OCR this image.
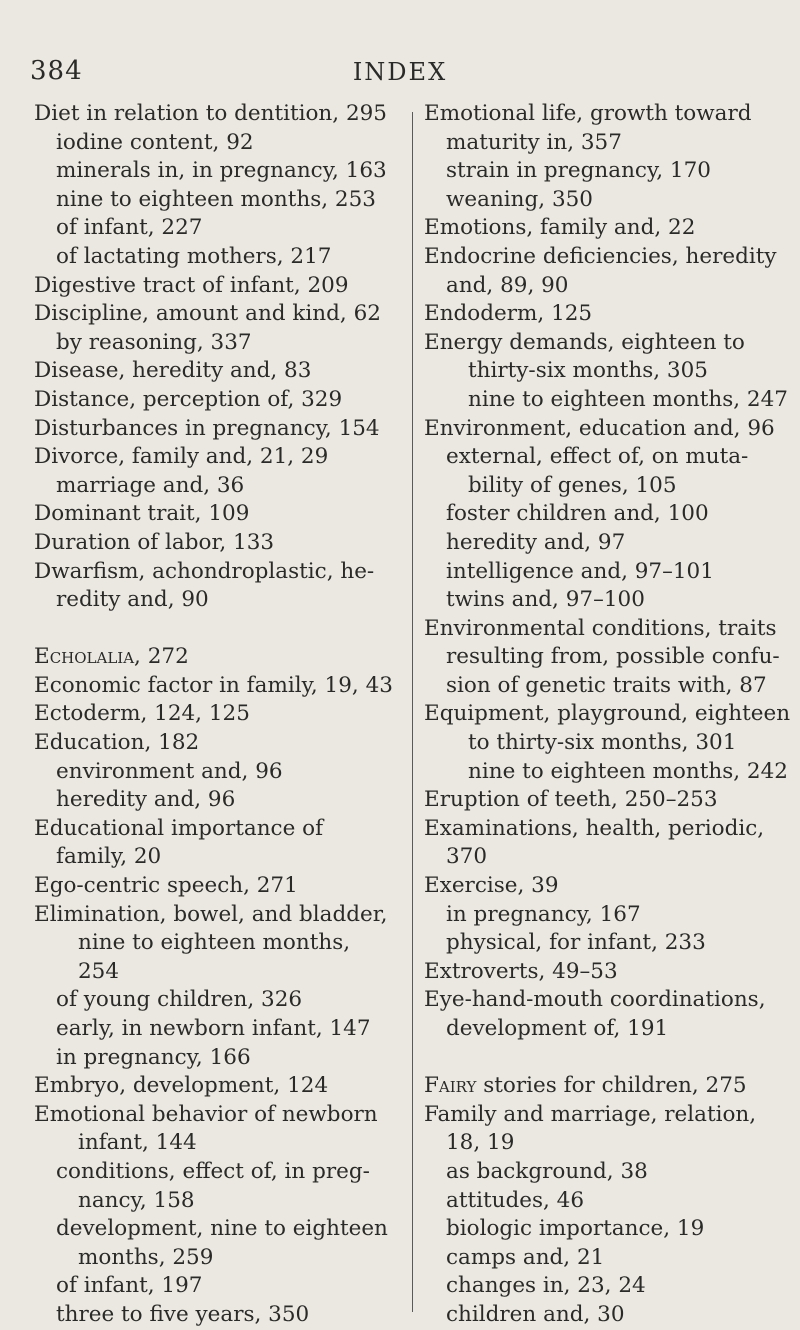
384	INDEX
Diet in relation to dentition, 295
iodine content, 92
minerals in, in pregnancy, 163
nine to eighteen months, 253
of infant, 227
of lactating mothers, 217
Digestive tract of infant, 209
Discipline, amount and kind, 62
by reasoning, 337
Disease, heredity and, 83
Distance, perception of, 329
Disturbances in pregnancy, 154
Divorce, family and, 21, 29
marriage and, 36
Dominant trait, 109
Duration of labor, 133
Dwarfism, achondroplastic, he-
redity and, 90
Echolalia, 272
Economic factor in family, 19, 43
Ectoderm, 124, 125
Education, 182
environment and, 96
heredity and, 96
Educational importance of
family, 20
Ego-centric speech, 271
Elimination, bowel, and bladder,
nine to eighteen months,
254
of young children, 326
early, in newborn infant, 147
in pregnancy, 166
Embryo, development, 124
Emotional behavior of newborn
infant, 144
conditions, effect of, in preg-
nancy, 158
development, nine to eighteen
months, 259
of infant, 197
three to five years, 350
Emotional life, growth toward
maturity in, 357
strain in pregnancy, 170
weaning, 350
Emotions, family and, 22
Endocrine deficiencies, heredity
and, 89, 90
Endoderm, 125
Energy demands, eighteen to
thirty-six months, 305
nine to eighteen months, 247
Environment, education and, 96
external, effect of, on muta-
bility of genes, 105
foster children and, 100
heredity and, 97
intelligence and, 97–101
twins and, 97–100
Environmental conditions, traits
resulting from, possible confu-
sion of genetic traits with, 87
Equipment, playground, eighteen
to thirty-six months, 301
nine to eighteen months, 242
Eruption of teeth, 250–253
Examinations, health, periodic,
370
Exercise, 39
in pregnancy, 167
physical, for infant, 233
Extroverts, 49–53
Eye-hand-mouth coordinations,
development of, 191
Fairy stories for children, 275
Family and marriage, relation,
18, 19
as background, 38
attitudes, 46
biologic importance, 19
camps and, 21
changes in, 23, 24
children and, 30
